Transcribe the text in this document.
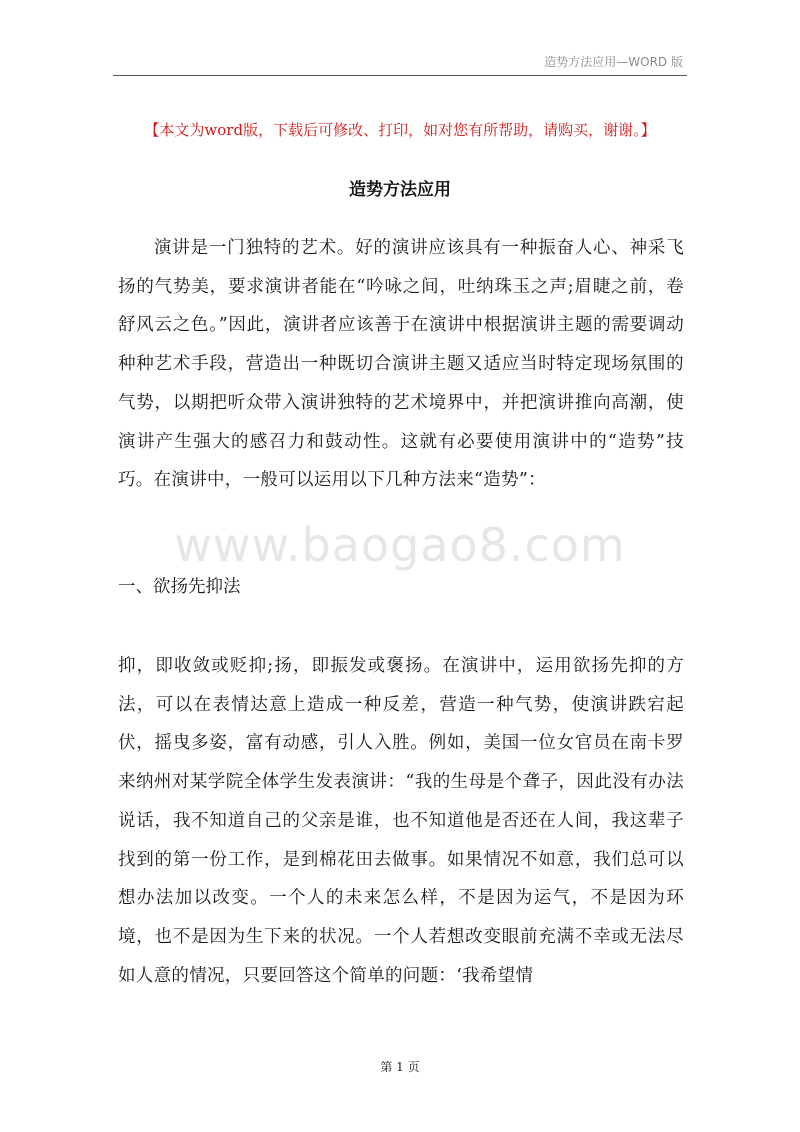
造势方法应用—WORD 版
【本文为word版，下载后可修改、打印，如对您有所帮助，请购买，谢谢。】
造势方法应用

演讲是一门独特的艺术。好的演讲应该具有一种振奋人心、神采飞扬的气势美，要求演讲者能在“吟咏之间，吐纳珠玉之声;眉睫之前，卷舒风云之色。”因此，演讲者应该善于在演讲中根据演讲主题的需要调动种种艺术手段，营造出一种既切合演讲主题又适应当时特定现场氛围的气势，以期把听众带入演讲独特的艺术境界中，并把演讲推向高潮，使演讲产生强大的感召力和鼓动性。这就有必要使用演讲中的“造势”技巧。在演讲中，一般可以运用以下几种方法来“造势”：

www.baogao8.com
一、欲扬先抑法

抑，即收敛或贬抑;扬，即振发或褒扬。在演讲中，运用欲扬先抑的方法，可以在表情达意上造成一种反差，营造一种气势，使演讲跌宕起伏，摇曳多姿，富有动感，引人入胜。例如，美国一位女官员在南卡罗来纳州对某学院全体学生发表演讲：“我的生母是个聋子，因此没有办法说话，我不知道自己的父亲是谁，也不知道他是否还在人间，我这辈子找到的第一份工作，是到棉花田去做事。如果情况不如意，我们总可以想办法加以改变。一个人的未来怎么样，不是因为运气，不是因为环境，也不是因为生下来的状况。一个人若想改变眼前充满不幸或无法尽如人意的情况，只要回答这个简单的问题：‘我希望情

第 1 页
